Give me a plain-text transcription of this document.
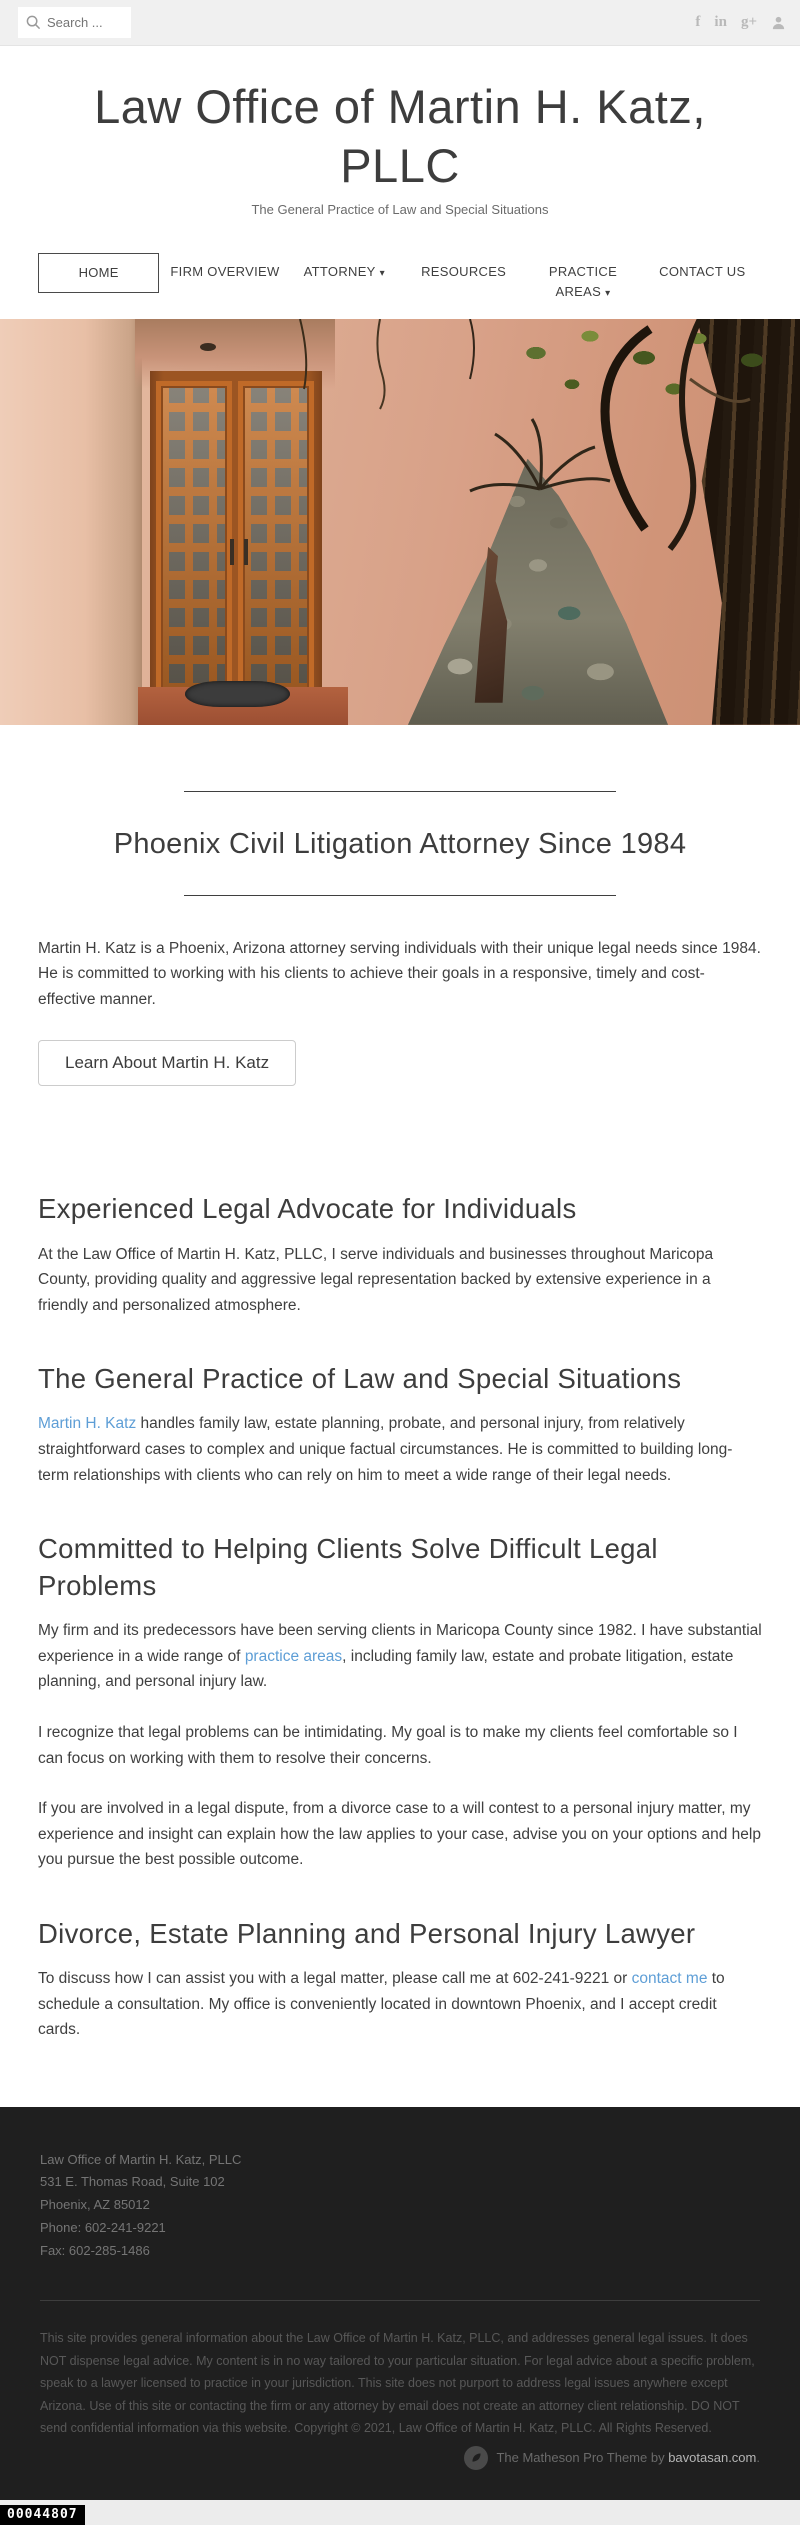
Search ...
f in g+
Law Office of Martin H. Katz, PLLC
The General Practice of Law and Special Situations
HOME	FIRM OVERVIEW	ATTORNEY ▾	RESOURCES	PRACTICE AREAS ▾
CONTACT US
Phoenix Civil Litigation Attorney Since 1984

Martin H. Katz is a Phoenix, Arizona attorney serving individuals with their unique legal needs since 1984. He is committed to working with his clients to achieve their goals in a responsive, timely and cost-effective manner.

Learn About Martin H. Katz
Experienced Legal Advocate for Individuals

At the Law Office of Martin H. Katz, PLLC, I serve individuals and businesses throughout Maricopa County, providing quality and aggressive legal representation backed by extensive experience in a friendly and personalized atmosphere.

The General Practice of Law and Special Situations

Martin H. Katz handles family law, estate planning, probate, and personal injury, from relatively straightforward cases to complex and unique factual circumstances. He is committed to building long-term relationships with clients who can rely on him to meet a wide range of their legal needs.

Committed to Helping Clients Solve Difficult Legal Problems

My firm and its predecessors have been serving clients in Maricopa County since 1982. I have substantial experience in a wide range of practice areas, including family law, estate and probate litigation, estate planning, and personal injury law.

I recognize that legal problems can be intimidating. My goal is to make my clients feel comfortable so I can focus on working with them to resolve their concerns.

If you are involved in a legal dispute, from a divorce case to a will contest to a personal injury matter, my experience and insight can explain how the law applies to your case, advise you on your options and help you pursue the best possible outcome.

Divorce, Estate Planning and Personal Injury Lawyer

To discuss how I can assist you with a legal matter, please call me at 602-241-9221 or contact me to schedule a consultation. My office is conveniently located in downtown Phoenix, and I accept credit cards.

Law Office of Martin H. Katz, PLLC
531 E. Thomas Road, Suite 102
Phoenix, AZ 85012
Phone: 602-241-9221
Fax: 602-285-1486

This site provides general information about the Law Office of Martin H. Katz, PLLC, and addresses general legal issues. It does NOT dispense legal advice. My content is in no way tailored to your particular situation. For legal advice about a specific problem, speak to a lawyer licensed to practice in your jurisdiction. This site does not purport to address legal issues anywhere except Arizona. Use of this site or contacting the firm or any attorney by email does not create an attorney client relationship. DO NOT send confidential information via this website. Copyright © 2021, Law Office of Martin H. Katz, PLLC. All Rights Reserved.

The Matheson Pro Theme by bavotasan.com.
00044807
